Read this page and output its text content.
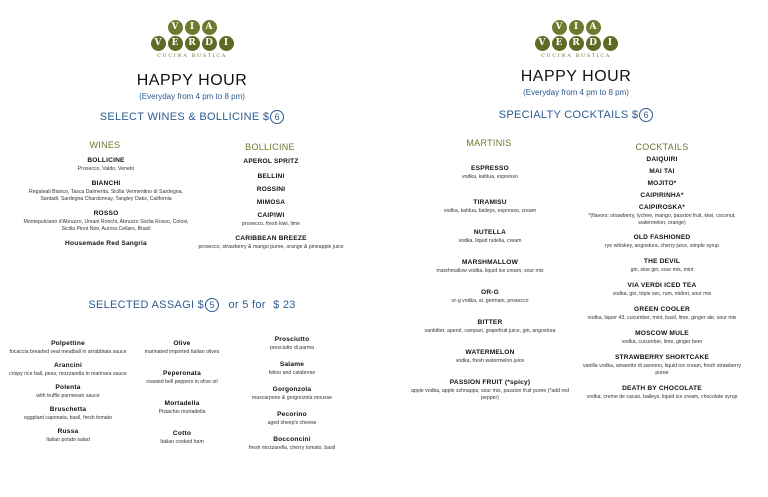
V	I	A
V	E	R	D	I
CUCINA RUSTICA
HAPPY HOUR
(Everyday from 4 pm to 8 pm)
SELECT WINES & BOLLICINE $ 6
WINES	BOLLICINE
BOLLICINE
Prosecco, Valdo, Veneto
BIANCHI
Regaleali Bianco, Tasca Dalmerita, Sicilia Vermentino di Sardegna, Santadi, Sardegna Chardonnay, Tangley Oaks, California
ROSSO
Montepulciano d'Abruzzo, Umani Ronchi, Abruzzo Sicilia Rosso, Colosi, Sicilia Pinot Noir, Aurora Cellars, Brazil
Housemade Red Sangria
APEROL SPRITZ
BELLINI
ROSSINI
MIMOSA
CAIPIWI
prosecco, fresh kiwi, lime
CARIBBEAN BREEZE
prosecco, strawberry & mango puree, orange & pineapple juice
SELECTED ASSAGI $ 5 or 5 for $ 23
Polpettine
focaccia breaded veal meatball in arrabbiata sauce
Arancini
crispy rice ball, peas, mozzarella in marinara sauce
Polenta
with truffle parmesan sauce
Bruschetta
eggplant caponata, basil, fresh tomato
Russa
Italian potato salad
Olive
marinated imported Italian olives
Peperonata
roasted bell peppers in olive oil
Mortadella
Pistachio mortadella
Cotto
Italian cooked ham
Prosciutto
prosciutto di parma
Salame
felino and calabrese
Gorgonzola
mascarpone & gorgonzola mousse
Pecorino
aged sheep's cheese
Bocconcini
fresh mozzarella, cherry tomato, basil
V	I	A
V	E	R	D	I
CUCINA RUSTICA
HAPPY HOUR
(Everyday from 4 pm to 8 pm)
SPECIALTY COCKTAILS $ 6
MARTINIS	COCKTAILS
ESPRESSO
vodka, kahlua, espresso
TIRAMISU
vodka, kahlua, baileys, espresso, cream
NUTELLA
vodka, liquid nutella, cream
MARSHMALLOW
marshmallow vodka, liquid ice cream, sour mix
OR-G
or-g vodka, st. germain, prosecco
BITTER
sanbitter, aperol, campari, grapefruit juice, gin, angostura
WATERMELON
vodka, fresh watermelon juice
PASSION FRUIT (*spicy)
apple vodka, apple schnapps, sour mix, passion fruit puree (*add red pepper)
DAIQUIRI
MAI TAI
MOJITO*
CAIPIRINHA*
CAIPIROSKA*
*(flavors: strawberry, lychee, mango, passion fruit, kiwi, coconut, watermelon, orange)
OLD FASHIONED
rye whiskey, angostura, cherry juice, simple syrup
THE DEVIL
gin, sloe gin, sour mix, mint
VIA VERDI ICED TEA
vodka, gin, triple sec, rum, midori, sour mix
GREEN COOLER
vodka, liquor 43, cucumber, mint, basil, lime, ginger ale, sour mix
MOSCOW MULE
vodka, cucumber, lime, ginger beer
STRAWBERRY SHORTCAKE
vanilla vodka, amaretto di saronno, liquid ice cream, fresh strawberry puree
DEATH BY CHOCOLATE
vodka, creme de cacao, baileys, liquid ice cream, chocolate syrup
